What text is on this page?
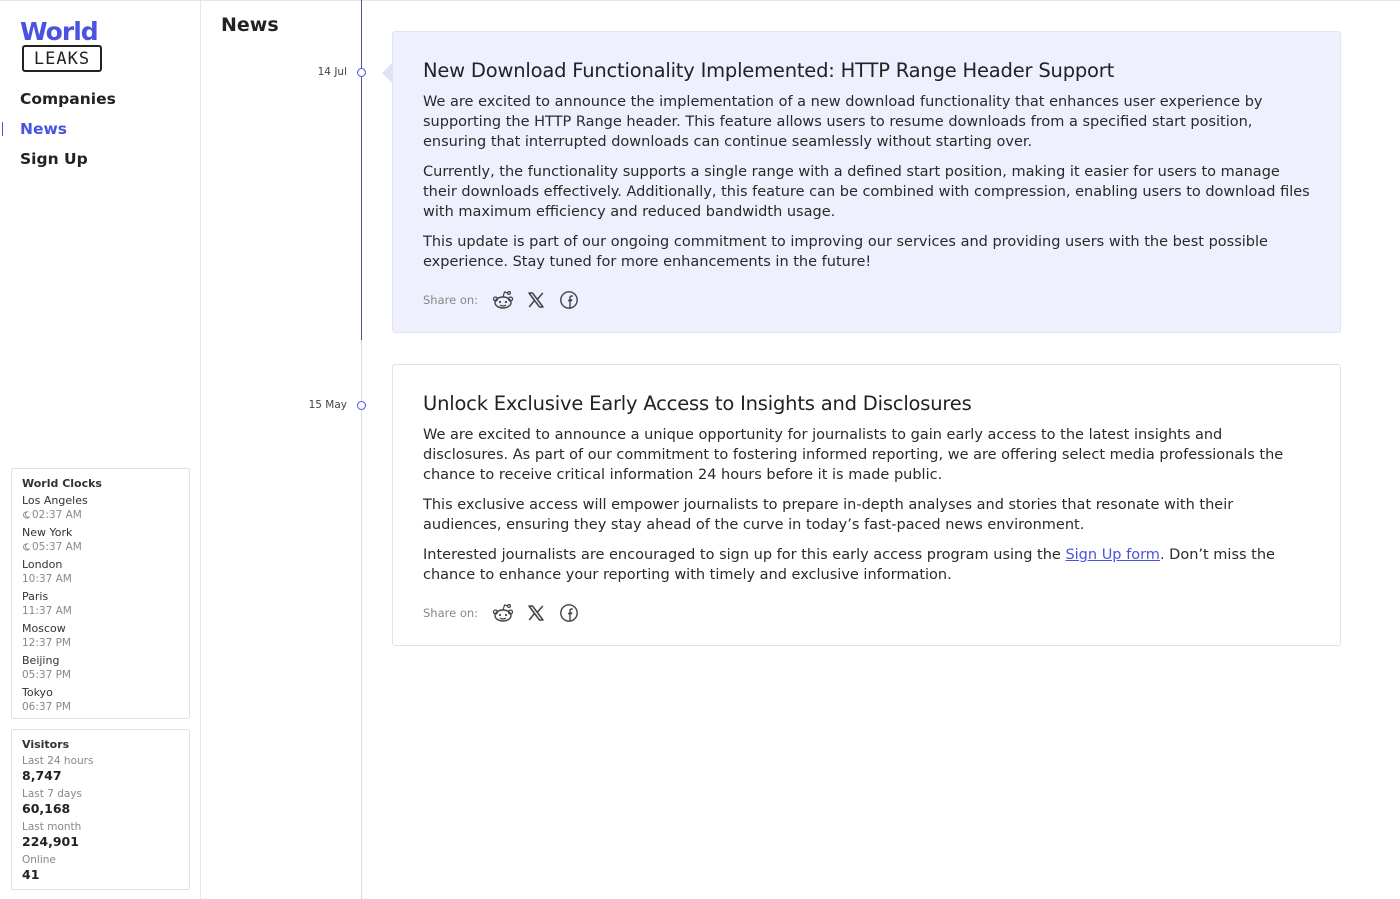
World
LEAKS
Companies
News
Sign Up
World Clocks
Los Angeles
02:37 AM
New York
05:37 AM
London
10:37 AM
Paris
11:37 AM
Moscow
12:37 PM
Beijing
05:37 PM
Tokyo
06:37 PM
Visitors
Last 24 hours
8,747
Last 7 days
60,168
Last month
224,901
Online
41
News
14 Jul
15 May
New Download Functionality Implemented: HTTP Range Header Support

We are excited to announce the implementation of a new download functionality that enhances user experience by supporting the HTTP Range header. This feature allows users to resume downloads from a specified start position, ensuring that interrupted downloads can continue seamlessly without starting over.

Currently, the functionality supports a single range with a defined start position, making it easier for users to manage their downloads effectively. Additionally, this feature can be combined with compression, enabling users to download files with maximum efficiency and reduced bandwidth usage.

This update is part of our ongoing commitment to improving our services and providing users with the best possible experience. Stay tuned for more enhancements in the future!

Share on:
Unlock Exclusive Early Access to Insights and Disclosures

We are excited to announce a unique opportunity for journalists to gain early access to the latest insights and disclosures. As part of our commitment to fostering informed reporting, we are offering select media professionals the chance to receive critical information 24 hours before it is made public.

This exclusive access will empower journalists to prepare in-depth analyses and stories that resonate with their audiences, ensuring they stay ahead of the curve in today’s fast-paced news environment.

Interested journalists are encouraged to sign up for this early access program using the Sign Up form. Don’t miss the chance to enhance your reporting with timely and exclusive information.

Share on:
